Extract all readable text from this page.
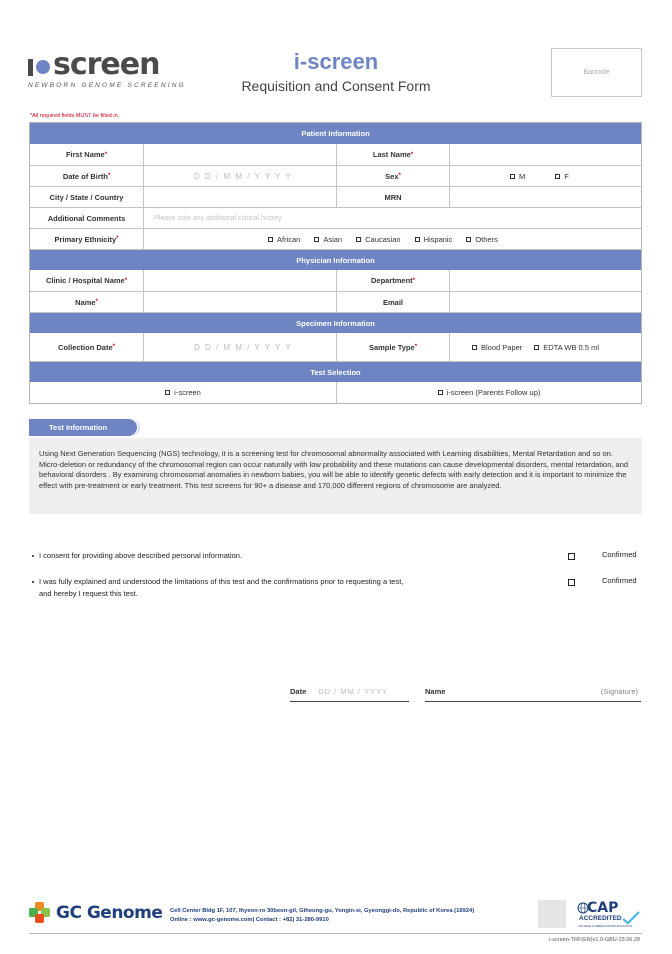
screen
NEWBORN GENOME SCREENING
i-screen
Requisition and Consent Form
Barcode
*All required fields MUST be filled in.
Patient Information
First Name *	Last Name *
Date of Birth *	D D / M M / Y Y Y Y	Sex *	M	F
City / State / Country	MRN
Additional Comments	Please note any additional clinical history
Primary Ethnicity *	African	Asian	Caucasian	Hispanic	Others
Physician Information
Clinic / Hospital Name *	Department *
Name *	Email
Specimen Information
Collection Date *	D D / M M / Y Y Y Y	Sample Type *	Blood Paper	EDTA WB 0.5 ml
Test Selection
i-screen	i-screen (Parents Follow up)
Test Information
Using Next Generation Sequencing (NGS) technology, it is a screening test for chromosomal abnormality associated with Learning disabilities, Mental Retardation and so on. Micro-deletion or redundancy of the chromosomal region can occur naturally with low probability and these mutations can cause developmental disorders, mental retardation, and behavioral disorders . By examining chromosomal anomalies in newborn babies, you will be able to identify genetic defects with early detection and it is important to minimize the effect with pre-treatment or early treatment. This test screens for 90+ a disease and 170,000 different regions of chromosome are analyzed.
I consent for providing above described personal information.	Confirmed
I was fully explained and understood the limitations of this test and the confirmations prior to requesting a test,
and hereby I request this test.
Confirmed
Date DD / MM / YYYY	Name	(Signature)
GC Genome Cell Center Bldg 1F, 107, Ihyeon-ro 30beon-gil, Giheung-gu, Yongin-si, Gyeonggi-do, Republic of Korea (16924)
Online : www.gc-genome.com| Contact : +82) 31-280-9910
CAP
ACCREDITED
COLLEGE of AMERICAN PATHOLOGISTS
i-screen-TRF(EN)v1.0-GBU-23.06.29
